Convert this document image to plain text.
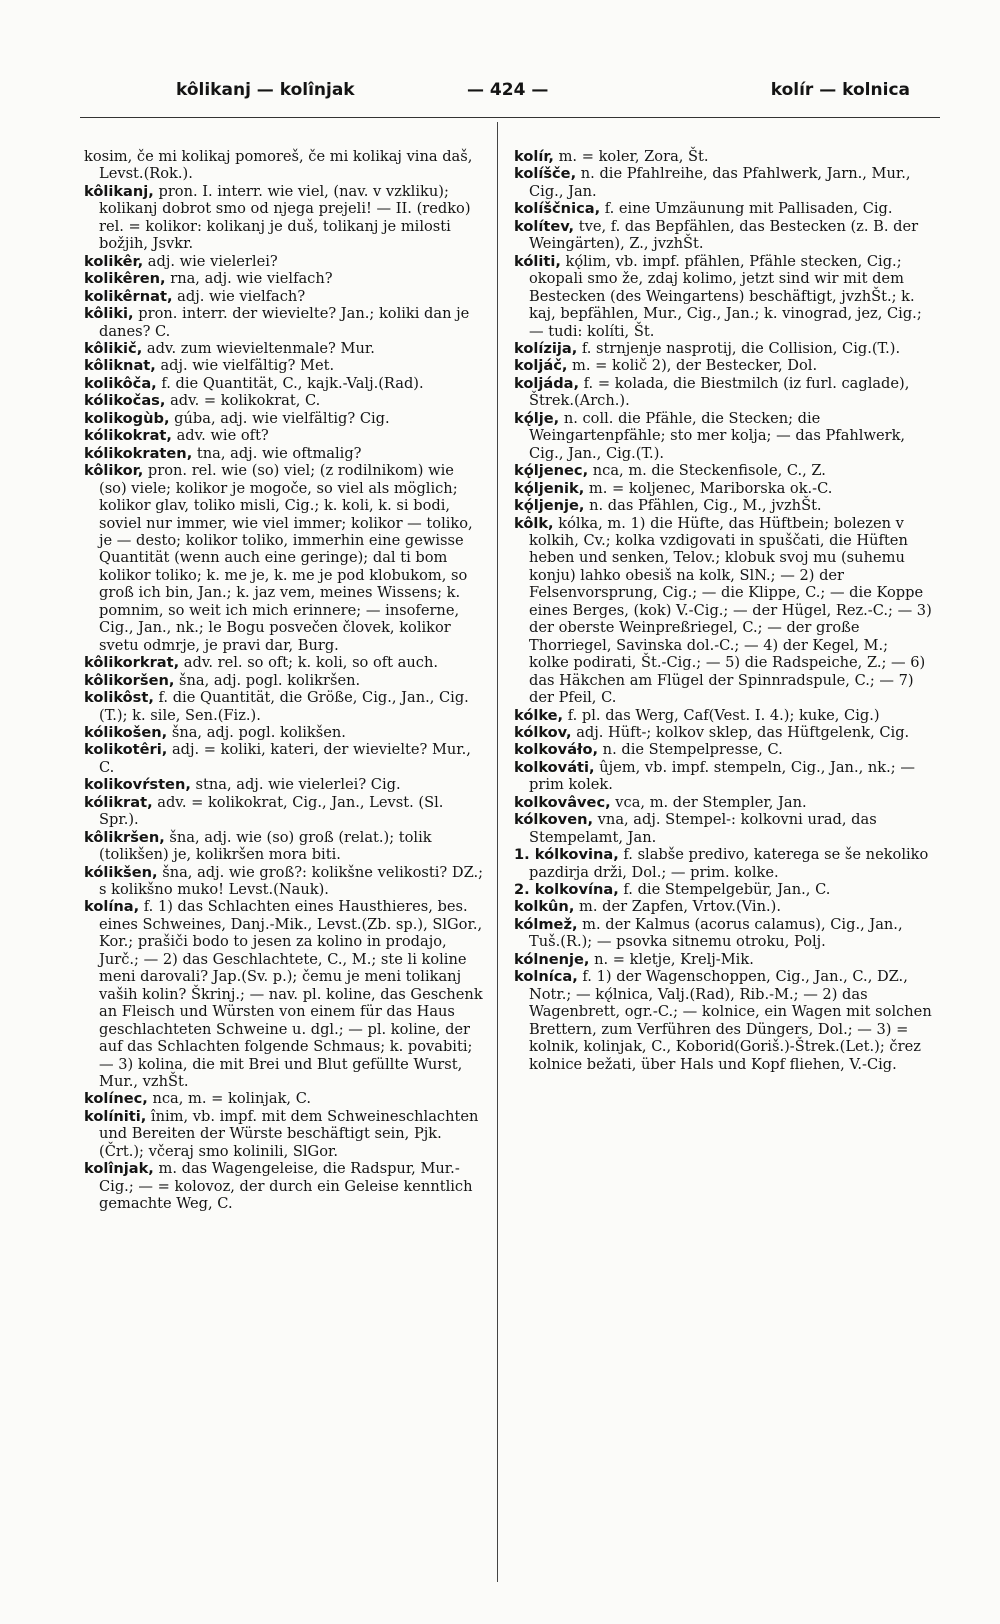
kôlikanj — kolînjak	— 424 —	kolír — kolnica

kosim, če mi kolikaj pomoreš, če mi kolikaj vina daš, Levst.(Rok.).

kôlikanj, pron. I. interr. wie viel, (nav. v vzkliku); kolikanj dobrot smo od njega prejeli! — II. (redko) rel. = kolikor: kolikanj je duš, tolikanj je milosti božjih, Jsvkr.

kolikêr, adj. wie vielerlei?

kolikêren, rna, adj. wie vielfach?

kolikêrnat, adj. wie vielfach?

kôliki, pron. interr. der wievielte? Jan.; koliki dan je danes? C.

kôlikič, adv. zum wievieltenmale? Mur.

kôliknat, adj. wie vielfältig? Met.

kolikôča, f. die Quantität, C., kajk.-Valj.(Rad).

kólikočas, adv. = kolikokrat, C.

kolikogùb, gúba, adj. wie vielfältig? Cig.

kólikokrat, adv. wie oft?

kólikokraten, tna, adj. wie oftmalig?

kôlikor, pron. rel. wie (so) viel; (z rodilnikom) wie (so) viele; kolikor je mogoče, so viel als möglich; kolikor glav, toliko misli, Cig.; k. koli, k. si bodi, soviel nur immer, wie viel immer; kolikor — toliko, je — desto; kolikor toliko, immerhin eine gewisse Quantität (wenn auch eine geringe); dal ti bom kolikor toliko; k. me je, k. me je pod klobukom, so groß ich bin, Jan.; k. jaz vem, meines Wissens; k. pomnim, so weit ich mich erinnere; — insoferne, Cig., Jan., nk.; le Bogu posvečen človek, kolikor svetu odmrje, je pravi dar, Burg.

kôlikorkrat, adv. rel. so oft; k. koli, so oft auch.

kôlikoršen, šna, adj. pogl. kolikršen.

kolikôst, f. die Quantität, die Größe, Cig., Jan., Cig.(T.); k. sile, Sen.(Fiz.).

kólikošen, šna, adj. pogl. kolikšen.

kolikotêri, adj. = koliki, kateri, der wievielte? Mur., C.

kolikovŕsten, stna, adj. wie vielerlei? Cig.

kólikrat, adv. = kolikokrat, Cig., Jan., Levst. (Sl. Spr.).

kôlikršen, šna, adj. wie (so) groß (relat.); tolik (tolikšen) je, kolikršen mora biti.

kólikšen, šna, adj. wie groß?: kolikšne velikosti? DZ.; s kolikšno muko! Levst.(Nauk).

kolína, f. 1) das Schlachten eines Hausthieres, bes. eines Schweines, Danj.-Mik., Levst.(Zb. sp.), SlGor., Kor.; prašiči bodo to jesen za kolino in prodajo, Jurč.; — 2) das Geschlachtete, C., M.; ste li koline meni darovali? Jap.(Sv. p.); čemu je meni tolikanj vaših kolin? Škrinj.; — nav. pl. koline, das Geschenk an Fleisch und Würsten von einem für das Haus geschlachteten Schweine u. dgl.; — pl. koline, der auf das Schlachten folgende Schmaus; k. povabiti; — 3) kolina, die mit Brei und Blut gefüllte Wurst, Mur., vzhŠt.

kolínec, nca, m. = kolinjak, C.

kolíniti, înim, vb. impf. mit dem Schweineschlachten und Bereiten der Würste beschäftigt sein, Pjk.(Črt.); včeraj smo kolinili, SlGor.

kolînjak, m. das Wagengeleise, die Radspur, Mur.-Cig.; — = kolovoz, der durch ein Geleise kenntlich gemachte Weg, C.

kolír, m. = koler, Zora, Št.

kolíšče, n. die Pfahlreihe, das Pfahlwerk, Jarn., Mur., Cig., Jan.

kolíščnica, f. eine Umzäunung mit Pallisaden, Cig.

kolítev, tve, f. das Bepfählen, das Bestecken (z. B. der Weingärten), Z., jvzhŠt.

kóliti, kǫ́lim, vb. impf. pfählen, Pfähle stecken, Cig.; okopali smo že, zdaj kolimo, jetzt sind wir mit dem Bestecken (des Weingartens) beschäftigt, jvzhŠt.; k. kaj, bepfählen, Mur., Cig., Jan.; k. vinograd, jez, Cig.; — tudi: kolíti, Št.

kolízija, f. strnjenje nasprotij, die Collision, Cig.(T.).

koljáč, m. = količ 2), der Bestecker, Dol.

koljáda, f. = kolada, die Biestmilch (iz furl. caglade), Štrek.(Arch.).

kǫ́lje, n. coll. die Pfähle, die Stecken; die Weingartenpfähle; sto mer kolja; — das Pfahlwerk, Cig., Jan., Cig.(T.).

kǫ́ljenec, nca, m. die Steckenfisole, C., Z.

kǫ́ljenik, m. = koljenec, Mariborska ok.-C.

kǫ́ljenje, n. das Pfählen, Cig., M., jvzhŠt.

kôlk, kólka, m. 1) die Hüfte, das Hüftbein; bolezen v kolkih, Cv.; kolka vzdigovati in spuščati, die Hüften heben und senken, Telov.; klobuk svoj mu (suhemu konju) lahko obesiš na kolk, SlN.; — 2) der Felsenvorsprung, Cig.; — die Klippe, C.; — die Koppe eines Berges, (kok) V.-Cig.; — der Hügel, Rez.-C.; — 3) der oberste Weinpreßriegel, C.; — der große Thorriegel, Savinska dol.-C.; — 4) der Kegel, M.; kolke podirati, Št.-Cig.; — 5) die Radspeiche, Z.; — 6) das Häkchen am Flügel der Spinnradspule, C.; — 7) der Pfeil, C.

kólke, f. pl. das Werg, Caf(Vest. I. 4.); kuke, Cig.)

kólkov, adj. Hüft-; kolkov sklep, das Hüftgelenk, Cig.

kolkováło, n. die Stempelpresse, C.

kolkováti, ûjem, vb. impf. stempeln, Cig., Jan., nk.; — prim kolek.

kolkovâvec, vca, m. der Stempler, Jan.

kólkoven, vna, adj. Stempel-: kolkovni urad, das Stempelamt, Jan.

1. kólkovina, f. slabše predivo, katerega se še nekoliko pazdirja drži, Dol.; — prim. kolke.

2. kolkovína, f. die Stempelgebür, Jan., C.

kolkûn, m. der Zapfen, Vrtov.(Vin.).

kólmež, m. der Kalmus (acorus calamus), Cig., Jan., Tuš.(R.); — psovka sitnemu otroku, Polj.

kólnenje, n. = kletje, Krelj-Mik.

kolníca, f. 1) der Wagenschoppen, Cig., Jan., C., DZ., Notr.; — kǫ́lnica, Valj.(Rad), Rib.-M.; — 2) das Wagenbrett, ogr.-C.; — kolnice, ein Wagen mit solchen Brettern, zum Verführen des Düngers, Dol.; — 3) = kolnik, kolinjak, C., Koborid(Goriš.)-Štrek.(Let.); črez kolnice bežati, über Hals und Kopf fliehen, V.-Cig.
